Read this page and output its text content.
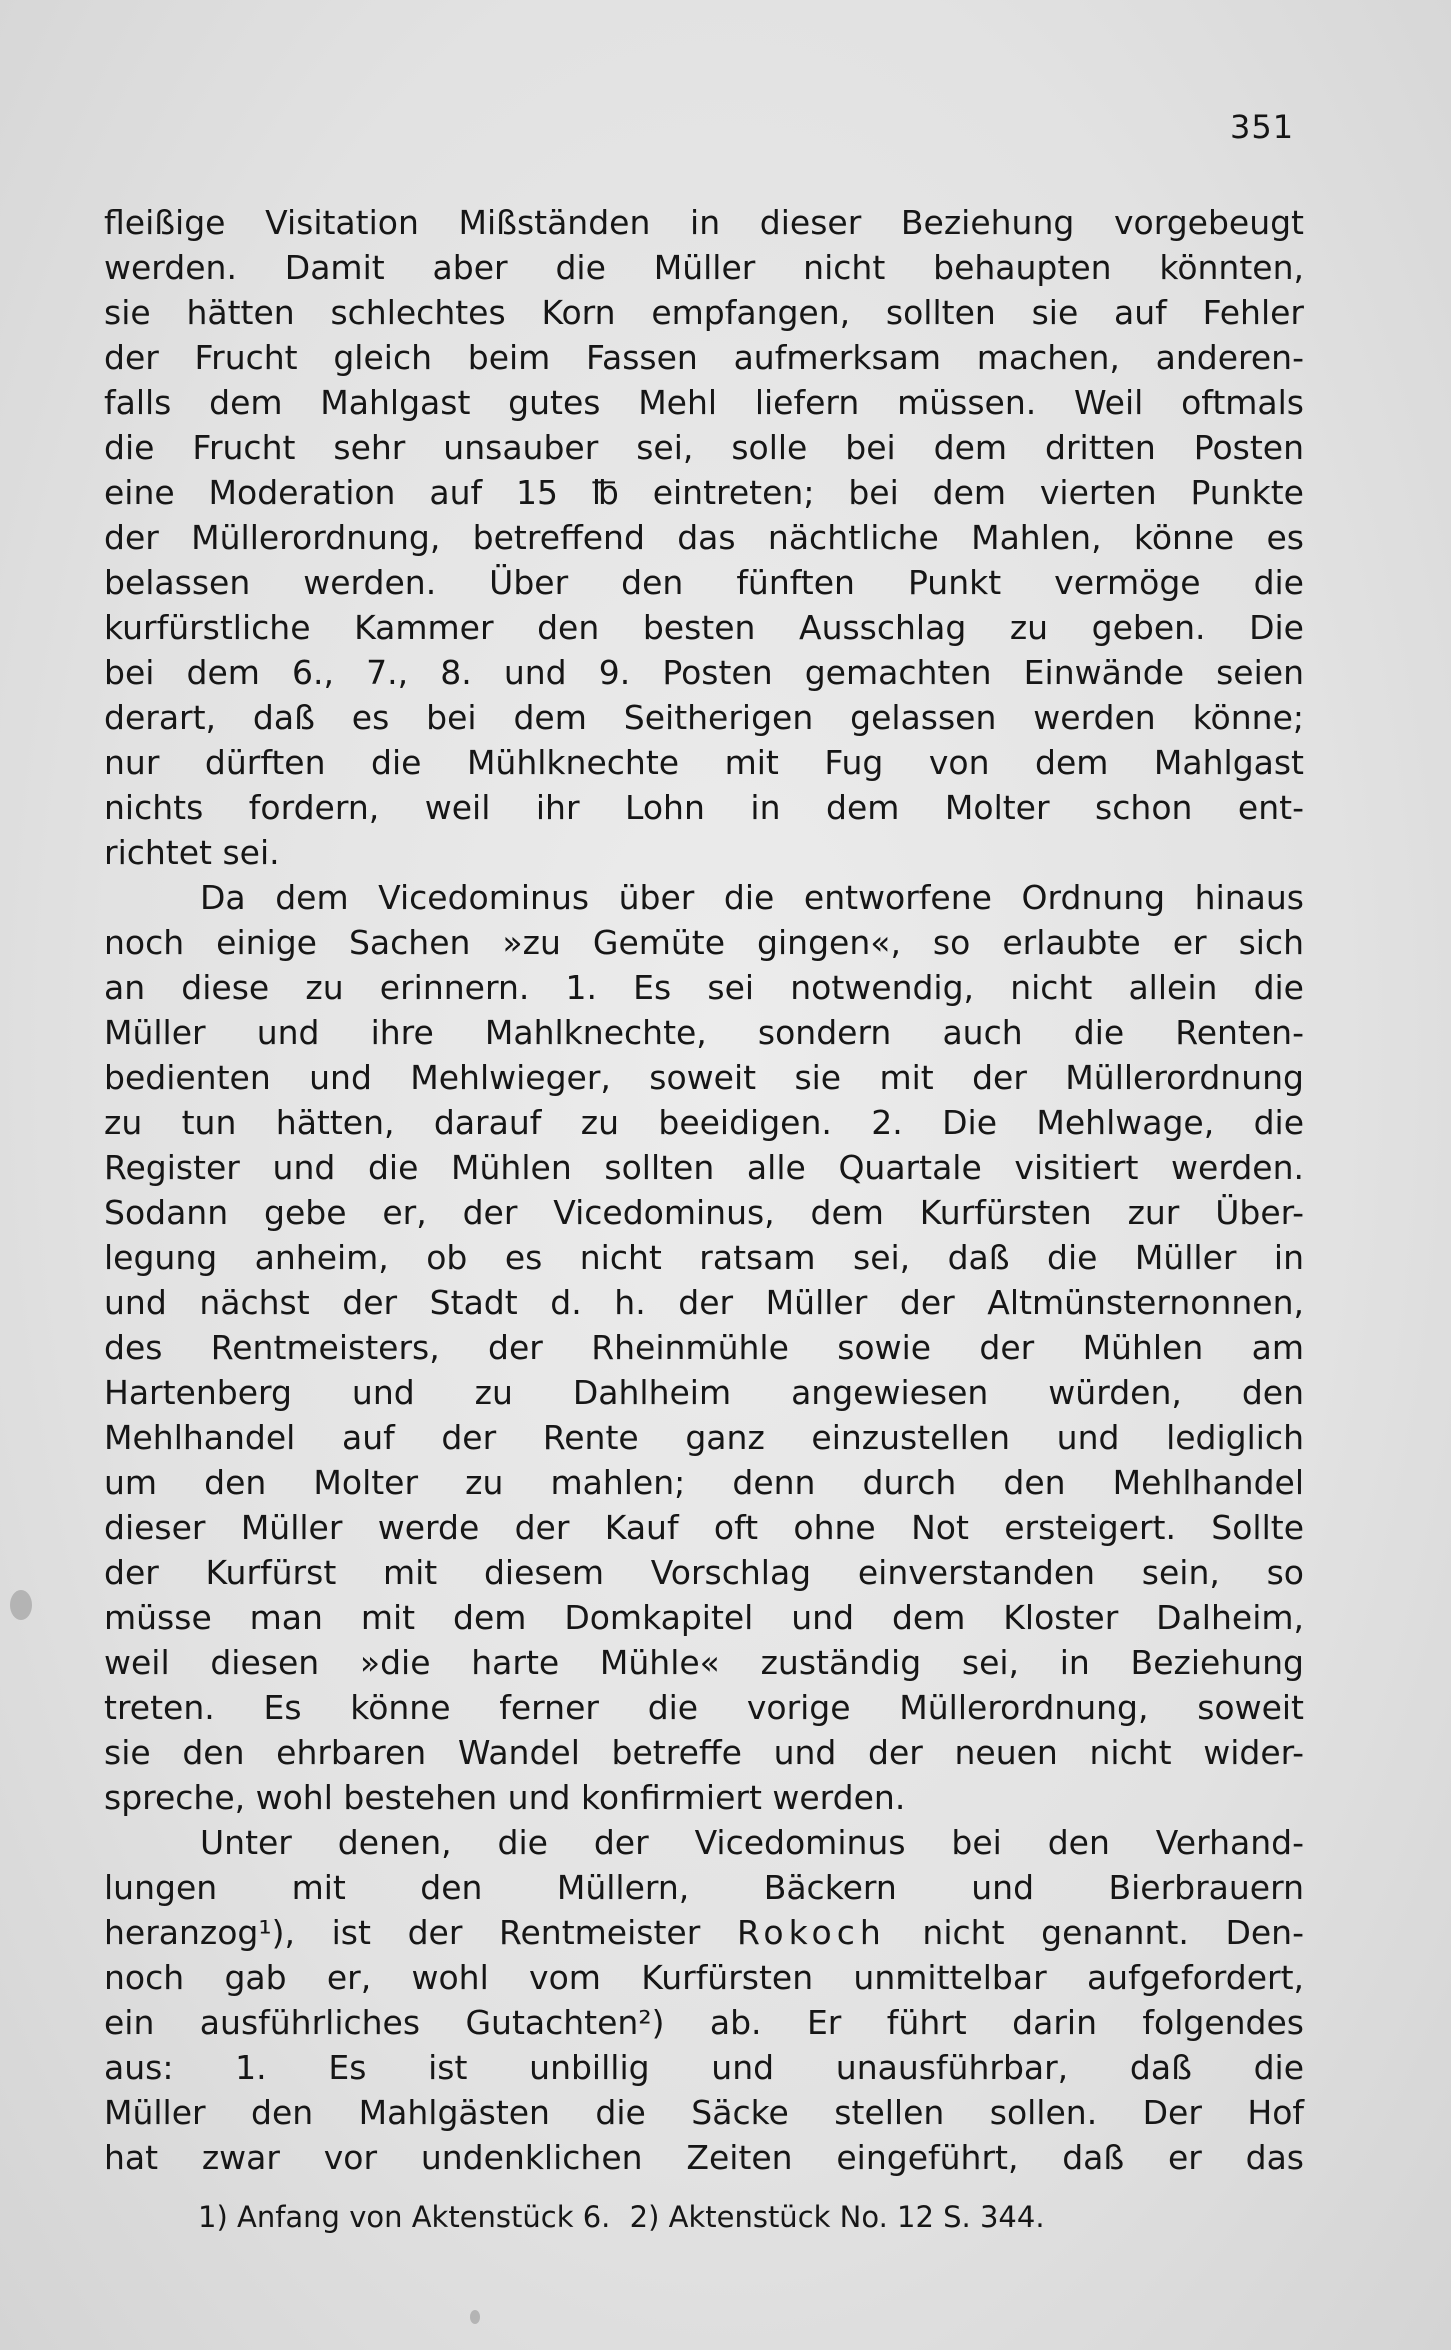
351
fleißige Visitation Mißständen in dieser Beziehung vorgebeugt
werden. Damit aber die Müller nicht behaupten könnten,
sie hätten schlechtes Korn empfangen, sollten sie auf Fehler
der Frucht gleich beim Fassen aufmerksam machen, anderen-
falls dem Mahlgast gutes Mehl liefern müssen. Weil oftmals
die Frucht sehr unsauber sei, solle bei dem dritten Posten
eine Moderation auf 15 ℔ eintreten; bei dem vierten Punkte
der Müllerordnung, betreffend das nächtliche Mahlen, könne es
belassen werden. Über den fünften Punkt vermöge die
kurfürstliche Kammer den besten Ausschlag zu geben. Die
bei dem 6., 7., 8. und 9. Posten gemachten Einwände seien
derart, daß es bei dem Seitherigen gelassen werden könne;
nur dürften die Mühlknechte mit Fug von dem Mahlgast
nichts fordern, weil ihr Lohn in dem Molter schon ent-
richtet sei.
Da dem Vicedominus über die entworfene Ordnung hinaus
noch einige Sachen »zu Gemüte gingen«, so erlaubte er sich
an diese zu erinnern. 1. Es sei notwendig, nicht allein die
Müller und ihre Mahlknechte, sondern auch die Renten-
bedienten und Mehlwieger, soweit sie mit der Müllerordnung
zu tun hätten, darauf zu beeidigen. 2. Die Mehlwage, die
Register und die Mühlen sollten alle Quartale visitiert werden.
Sodann gebe er, der Vicedominus, dem Kurfürsten zur Über-
legung anheim, ob es nicht ratsam sei, daß die Müller in
und nächst der Stadt d. h. der Müller der Altmünsternonnen,
des Rentmeisters, der Rheinmühle sowie der Mühlen am
Hartenberg und zu Dahlheim angewiesen würden, den
Mehlhandel auf der Rente ganz einzustellen und lediglich
um den Molter zu mahlen; denn durch den Mehlhandel
dieser Müller werde der Kauf oft ohne Not ersteigert. Sollte
der Kurfürst mit diesem Vorschlag einverstanden sein, so
müsse man mit dem Domkapitel und dem Kloster Dalheim,
weil diesen »die harte Mühle« zuständig sei, in Beziehung
treten. Es könne ferner die vorige Müllerordnung, soweit
sie den ehrbaren Wandel betreffe und der neuen nicht wider-
spreche, wohl bestehen und konfirmiert werden.
Unter denen, die der Vicedominus bei den Verhand-
lungen mit den Müllern, Bäckern und Bierbrauern
heranzog¹), ist der Rentmeister Rokoch nicht genannt. Den-
noch gab er, wohl vom Kurfürsten unmittelbar aufgefordert,
ein ausführliches Gutachten²) ab. Er führt darin folgendes
aus: 1. Es ist unbillig und unausführbar, daß die
Müller den Mahlgästen die Säcke stellen sollen. Der Hof
hat zwar vor undenklichen Zeiten eingeführt, daß er das
1) Anfang von Aktenstück 6. 2) Aktenstück No. 12 S. 344.
